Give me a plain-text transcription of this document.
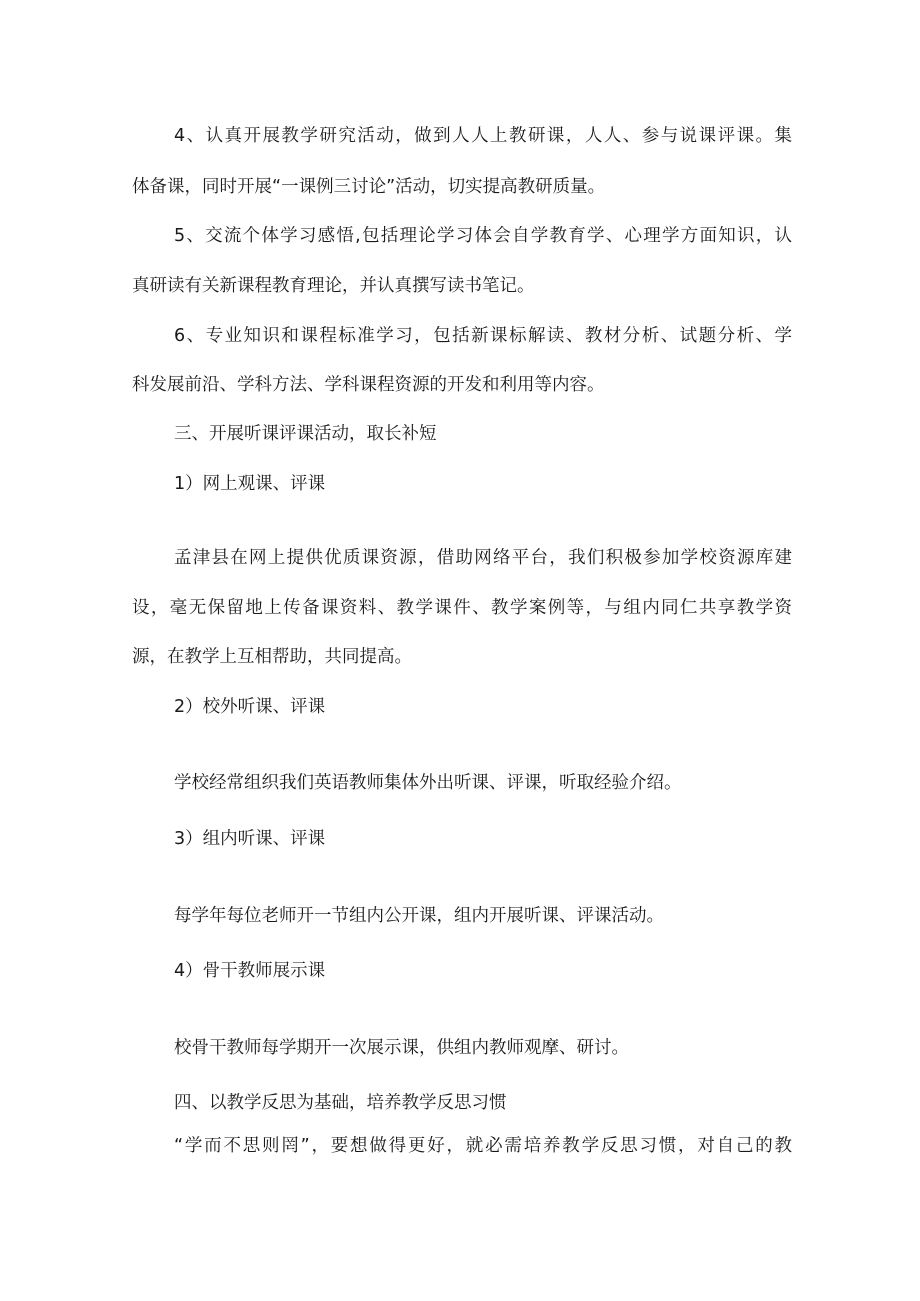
4、认真开展教学研究活动，做到人人上教研课，人人、参与说课评课。集
体备课，同时开展“一课例三讨论”活动，切实提高教研质量。
5、交流个体学习感悟,包括理论学习体会自学教育学、心理学方面知识，认
真研读有关新课程教育理论，并认真撰写读书笔记。
6、专业知识和课程标准学习，包括新课标解读、教材分析、试题分析、学
科发展前沿、学科方法、学科课程资源的开发和利用等内容。
三、开展听课评课活动，取长补短
1）网上观课、评课
孟津县在网上提供优质课资源，借助网络平台，我们积极参加学校资源库建
设，毫无保留地上传备课资料、教学课件、教学案例等，与组内同仁共享教学资
源，在教学上互相帮助，共同提高。
2）校外听课、评课
学校经常组织我们英语教师集体外出听课、评课，听取经验介绍。
3）组内听课、评课
每学年每位老师开一节组内公开课，组内开展听课、评课活动。
4）骨干教师展示课
校骨干教师每学期开一次展示课，供组内教师观摩、研讨。
四、以教学反思为基础，培养教学反思习惯
“学而不思则罔”，要想做得更好，就必需培养教学反思习惯，对自己的教
